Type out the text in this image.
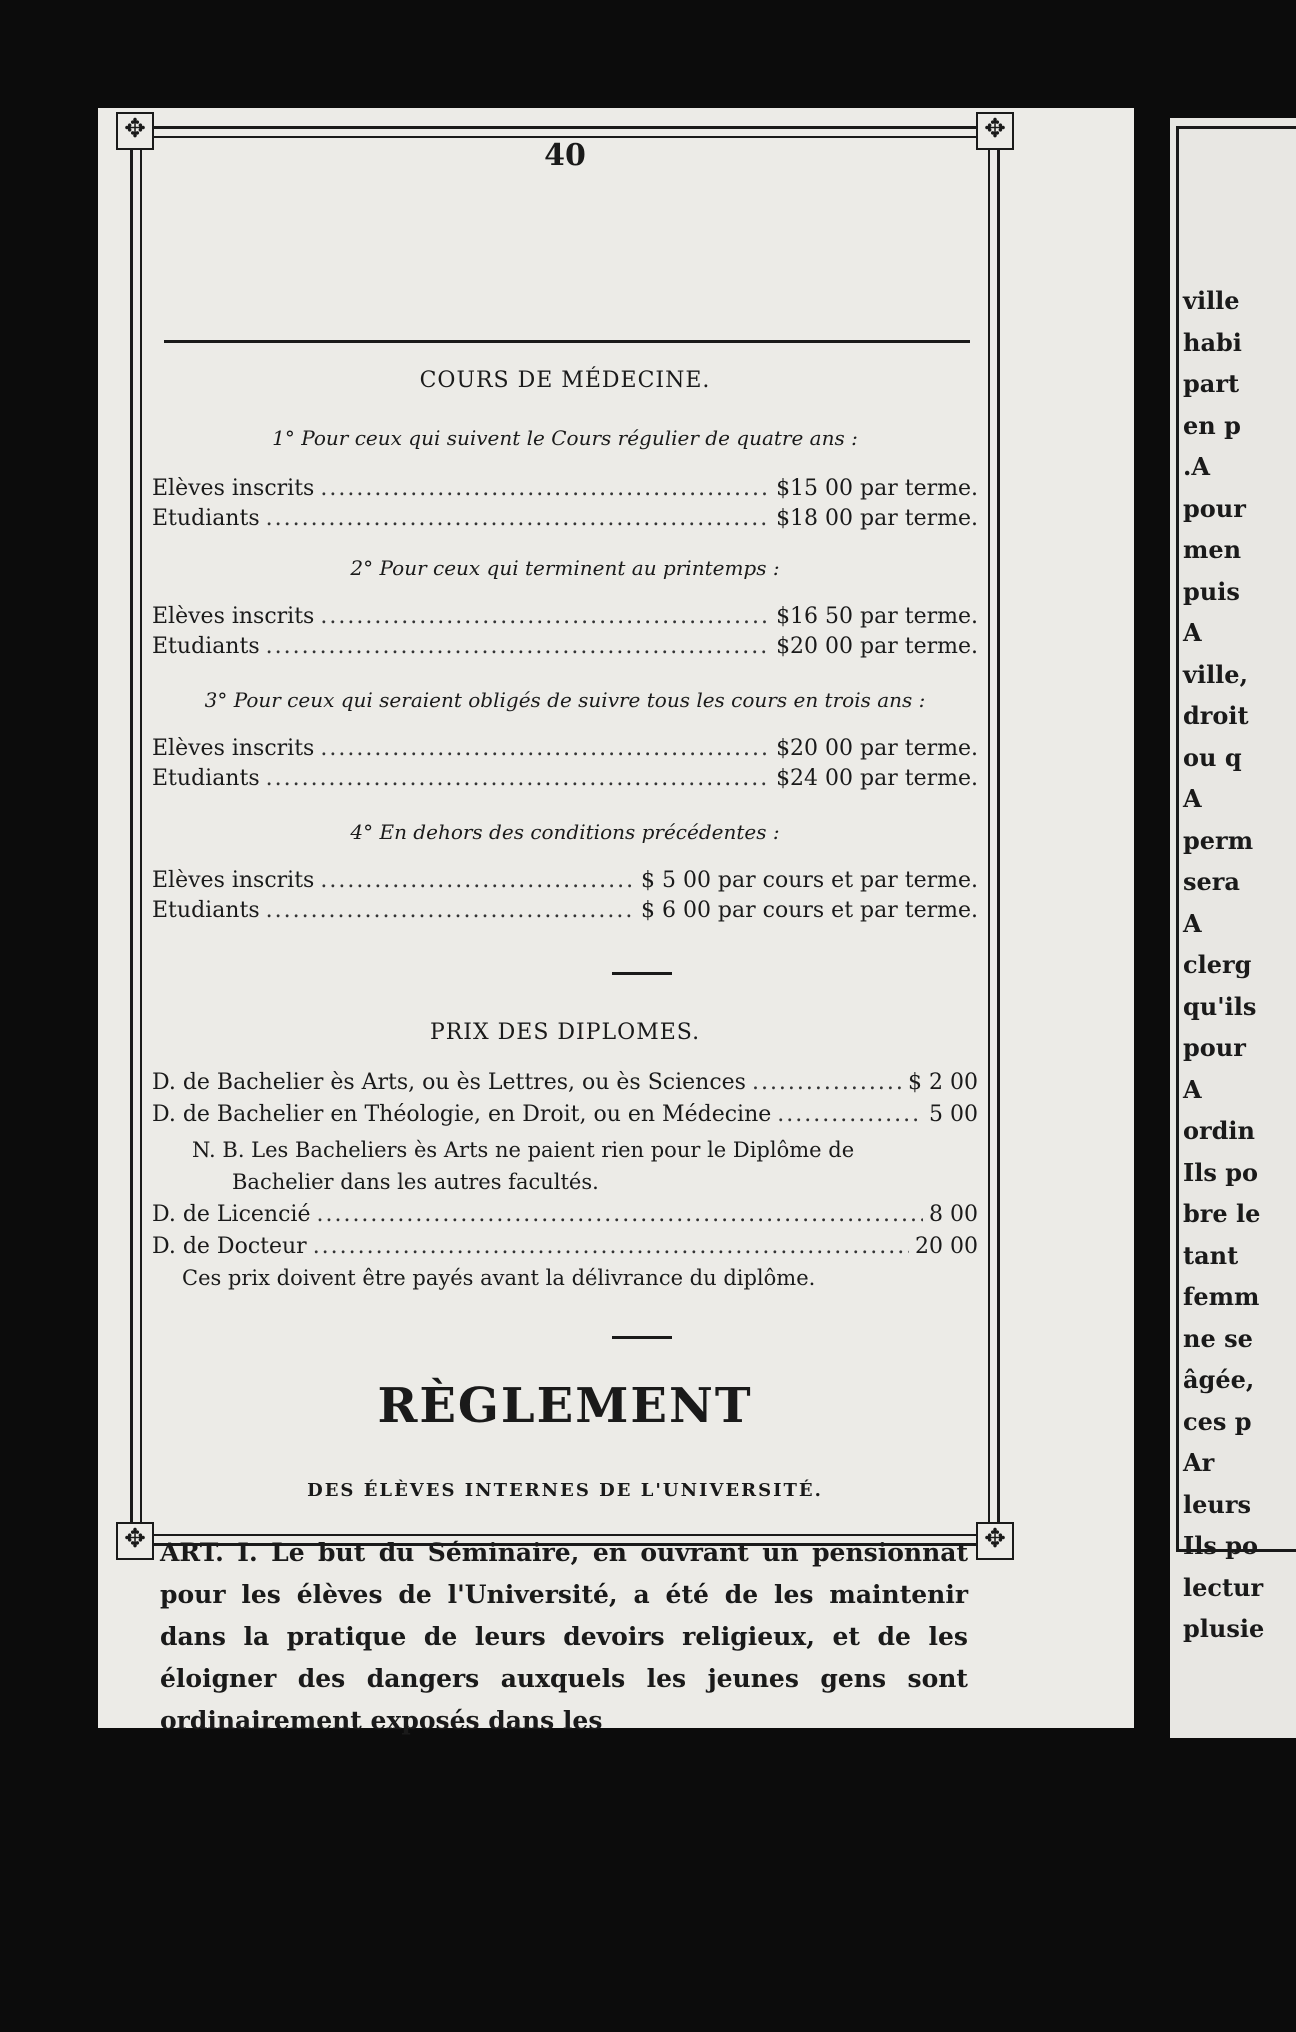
✥	✥
✥	✥
40
COURS DE MÉDECINE.
1° Pour ceux qui suivent le Cours régulier de quatre ans :
Elèves inscrits .....	$15 00 par terme.
Etudiants .....	$18 00 par terme.
2° Pour ceux qui terminent au printemps :
Elèves inscrits .....	$16 50 par terme.
Etudiants .....	$20 00 par terme.
3° Pour ceux qui seraient obligés de suivre tous les cours en trois ans :
Elèves inscrits .....	$20 00 par terme.
Etudiants .....	$24 00 par terme.
4° En dehors des conditions précédentes :
Elèves inscrits .....	$ 5 00 par cours et par terme.
Etudiants .....	$ 6 00 par cours et par terme.
PRIX DES DIPLOMES.
D. de Bachelier ès Arts, ou ès Lettres, ou ès Sciences .....	$ 2 00
D. de Bachelier en Théologie, en Droit, ou en Médecine .....	5 00
N. B. Les Bacheliers ès Arts ne paient rien pour le Diplôme de
Bachelier dans les autres facultés.
D. de Licencié .....	8 00
D. de Docteur .....	20 00
Ces prix doivent être payés avant la délivrance du diplôme.
RÈGLEMENT
DES ÉLÈVES INTERNES DE L'UNIVERSITÉ.
ART. I. Le but du Séminaire, en ouvrant un pensionnat pour les élèves de l'Université, a été de les maintenir dans la pratique de leurs devoirs religieux, et de les éloigner des dangers auxquels les jeunes gens sont ordinairement exposés dans les
ville
habi
part
en p
.A
pour
men
puis
A
ville,
droit
ou q
A
perm
sera
A
clerg
qu'ils
pour
A
ordin
Ils po
bre le
tant
femm
ne se
âgée,
ces p
Ar
leurs
Ils po
lectur
plusie
